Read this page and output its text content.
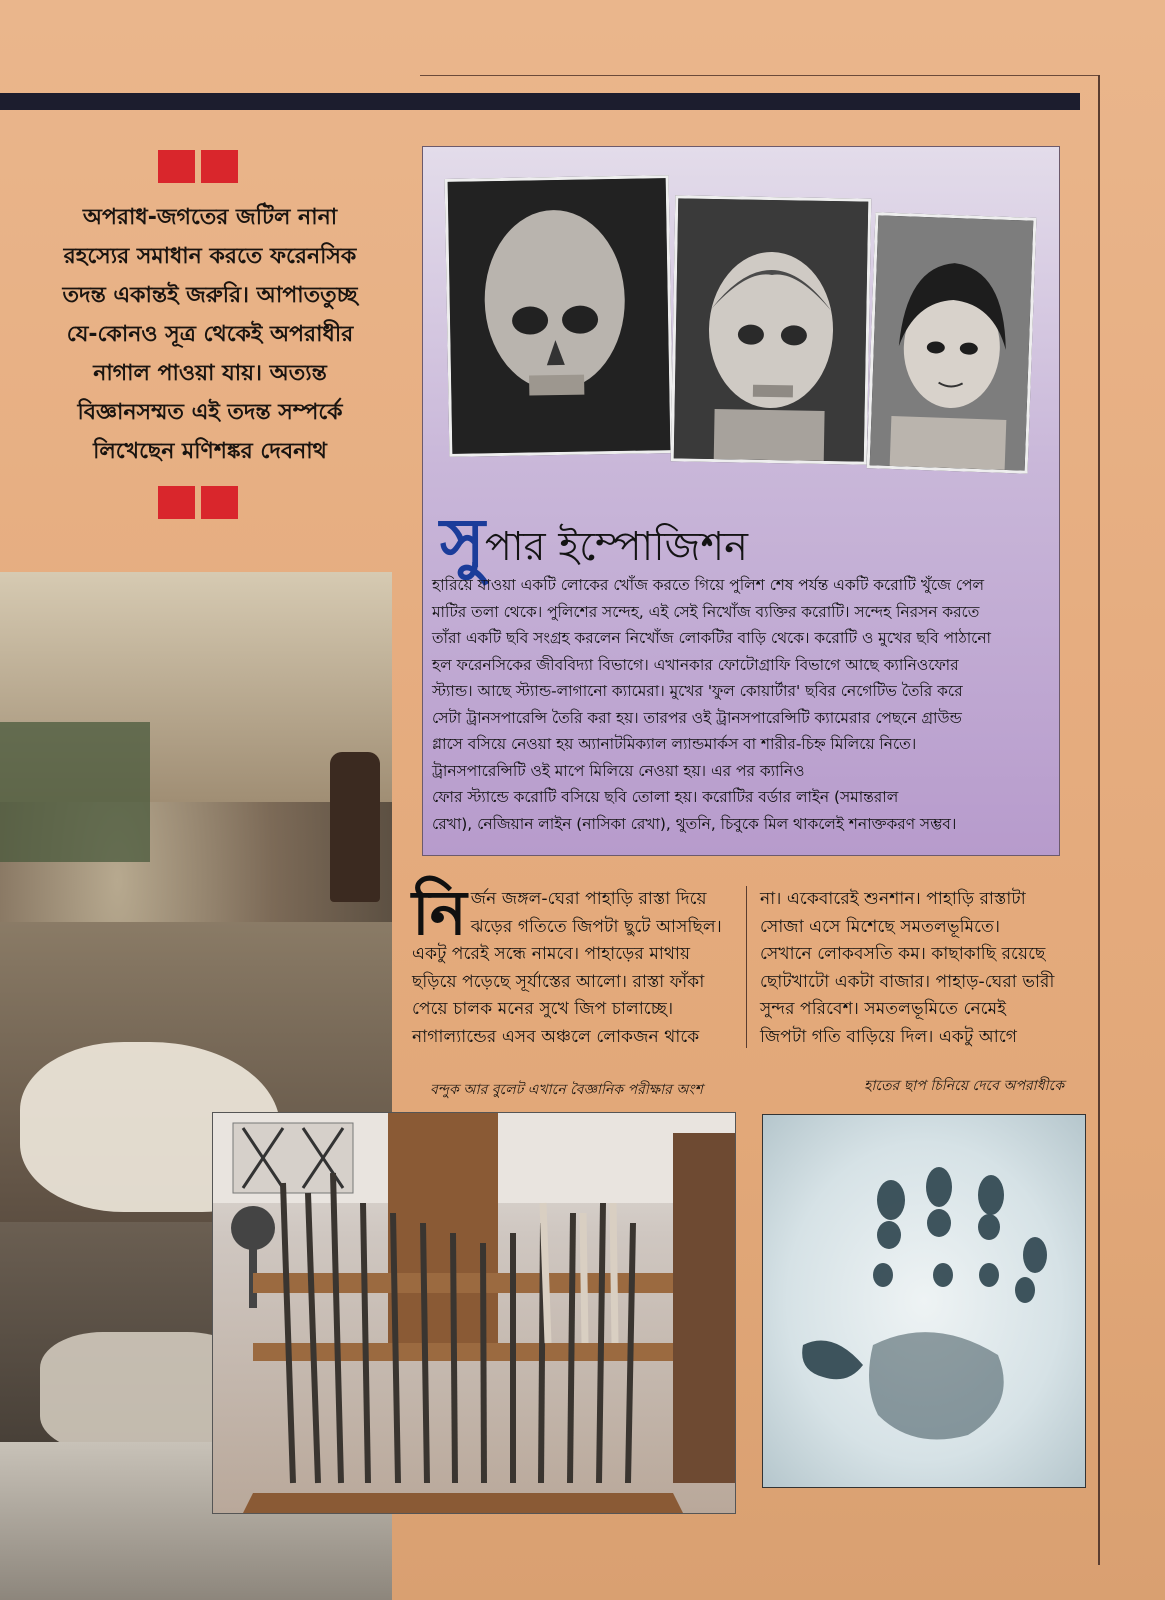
অপরাধ-জগতের জটিল নানা
রহস্যের সমাধান করতে ফরেনসিক
তদন্ত একান্তই জরুরি। আপাততুচ্ছ
যে-কোনও সূত্র থেকেই অপরাধীর
নাগাল পাওয়া যায়। অত্যন্ত
বিজ্ঞানসম্মত এই তদন্ত সম্পর্কে
লিখেছেন মণিশঙ্কর দেবনাথ
সুপার ইম্পোজিশন
হারিয়ে যাওয়া একটি লোকের খোঁজ করতে গিয়ে পুলিশ শেষ পর্যন্ত একটি করোটি খুঁজে পেল
মাটির তলা থেকে। পুলিশের সন্দেহ, এই সেই নিখোঁজ ব্যক্তির করোটি। সন্দেহ নিরসন করতে
তাঁরা একটি ছবি সংগ্রহ করলেন নিখোঁজ লোকটির বাড়ি থেকে। করোটি ও মুখের ছবি পাঠানো
হল ফরেনসিকের জীববিদ্যা বিভাগে। এখানকার ফোটোগ্রাফি বিভাগে আছে ক্যানিওফোর
স্ট্যান্ড। আছে স্ট্যান্ড-লাগানো ক্যামেরা। মুখের 'ফুল কোয়ার্টার' ছবির নেগেটিভ তৈরি করে
সেটা ট্রানসপারেন্সি তৈরি করা হয়। তারপর ওই ট্রানসপারেন্সিটি ক্যামেরার পেছনে গ্রাউন্ড
গ্লাসে বসিয়ে নেওয়া হয় অ্যানাটমিক্যাল ল্যান্ডমার্কস বা শারীর-চিহ্ন মিলিয়ে নিতে।
ট্রানসপারেন্সিটি ওই মাপে মিলিয়ে নেওয়া হয়। এর পর ক্যানিও
ফোর স্ট্যান্ডে করোটি বসিয়ে ছবি তোলা হয়। করোটির বর্ডার লাইন (সমান্তরাল
রেখা), নেজিয়ান লাইন (নাসিকা রেখা), থুতনি, চিবুকে মিল থাকলেই শনাক্তকরণ সম্ভব।
নি র্জন জঙ্গল-ঘেরা পাহাড়ি রাস্তা দিয়ে
ঝড়ের গতিতে জিপটা ছুটে আসছিল।
একটু পরেই সন্ধে নামবে। পাহাড়ের মাথায়
ছড়িয়ে পড়েছে সূর্যাস্তের আলো। রাস্তা ফাঁকা
পেয়ে চালক মনের সুখে জিপ চালাচ্ছে।
নাগাল্যান্ডের এসব অঞ্চলে লোকজন থাকে
না। একেবারেই শুনশান। পাহাড়ি রাস্তাটা
সোজা এসে মিশেছে সমতলভূমিতে।
সেখানে লোকবসতি কম। কাছাকাছি রয়েছে
ছোটখাটো একটা বাজার। পাহাড়-ঘেরা ভারী
সুন্দর পরিবেশ। সমতলভূমিতে নেমেই
জিপটা গতি বাড়িয়ে দিল। একটু আগে
বন্দুক আর বুলেট এখানে বৈজ্ঞানিক পরীক্ষার অংশ	হাতের ছাপ চিনিয়ে দেবে অপরাধীকে
